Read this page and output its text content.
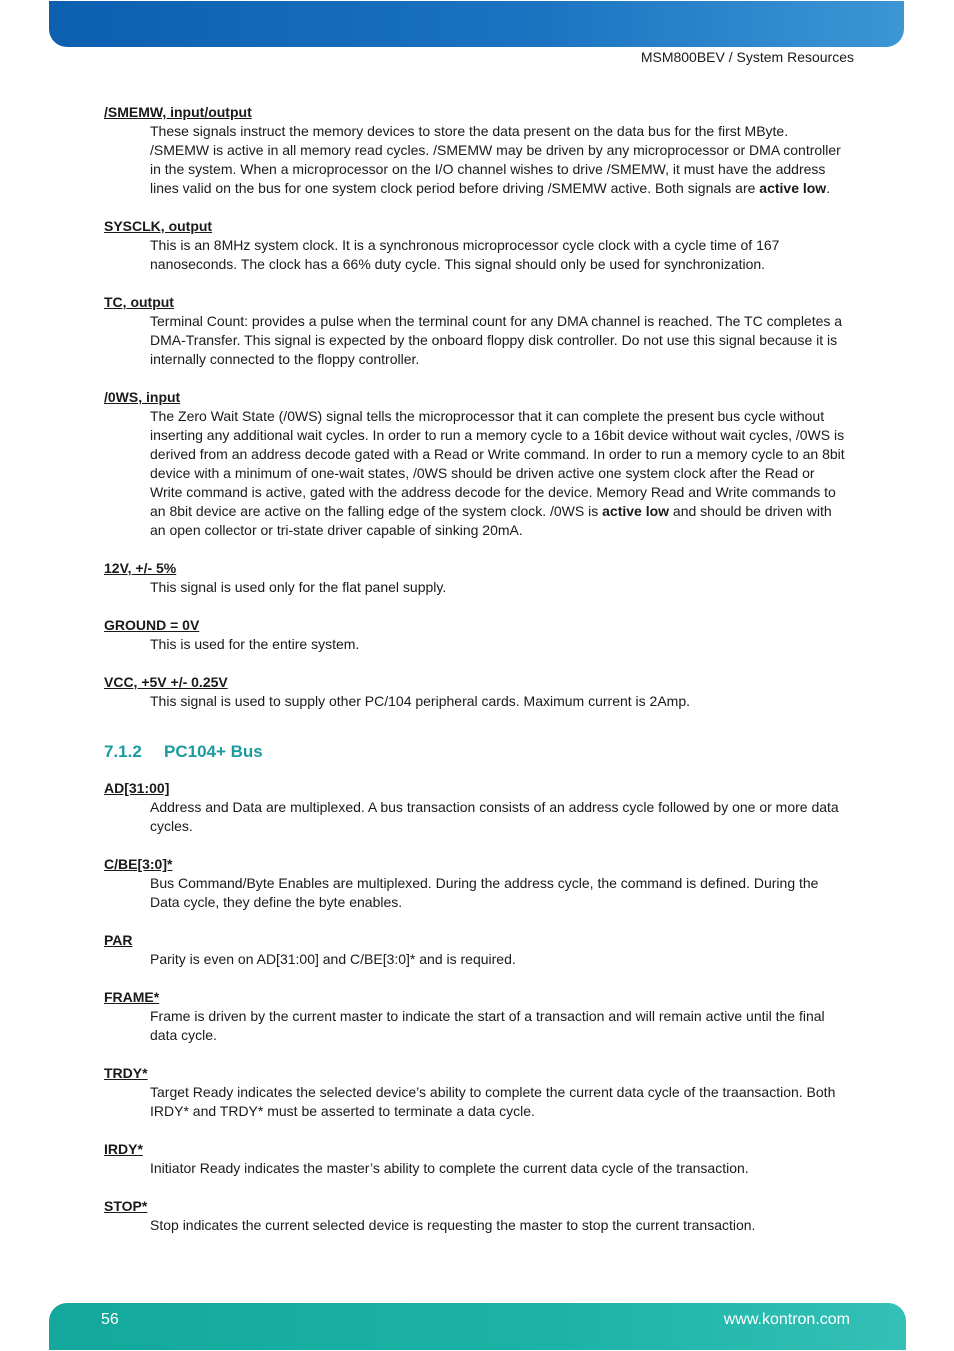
MSM800BEV / System Resources
/SMEMW, input/output
These signals instruct the memory devices to store the data present on the data bus for the first MByte. /SMEMW is active in all memory read cycles. /SMEMW may be driven by any microprocessor or DMA controller in the system. When a microprocessor on the I/O channel wishes to drive /SMEMW, it must have the address lines valid on the bus for one system clock period before driving /SMEMW active. Both signals are active low.
SYSCLK, output
This is an 8MHz system clock. It is a synchronous microprocessor cycle clock with a cycle time of 167 nanoseconds. The clock has a 66% duty cycle. This signal should only be used for synchronization.
TC, output
Terminal Count: provides a pulse when the terminal count for any DMA channel is reached. The TC completes a DMA-Transfer. This signal is expected by the onboard floppy disk controller. Do not use this signal because it is internally connected to the floppy controller.
/0WS, input
The Zero Wait State (/0WS) signal tells the microprocessor that it can complete the present bus cycle without inserting any additional wait cycles. In order to run a memory cycle to a 16bit device without wait cycles, /0WS is derived from an address decode gated with a Read or Write command. In order to run a memory cycle to an 8bit device with a minimum of one-wait states, /0WS should be driven active one system clock after the Read or Write command is active, gated with the address decode for the device. Memory Read and Write commands to an 8bit device are active on the falling edge of the system clock. /0WS is active low and should be driven with an open collector or tri-state driver capable of sinking 20mA.
12V, +/- 5%
This signal is used only for the flat panel supply.
GROUND = 0V
This is used for the entire system.
VCC, +5V +/- 0.25V
This signal is used to supply other PC/104 peripheral cards. Maximum current is 2Amp.
7.1.2 PC104+ Bus
AD[31:00]
Address and Data are multiplexed. A bus transaction consists of an address cycle followed by one or more data cycles.
C/BE[3:0]*
Bus Command/Byte Enables are multiplexed. During the address cycle, the command is defined. During the Data cycle, they define the byte enables.
PAR
Parity is even on AD[31:00] and C/BE[3:0]* and is required.
FRAME*
Frame is driven by the current master to indicate the start of a transaction and will remain active until the final data cycle.
TRDY*
Target Ready indicates the selected device’s ability to complete the current data cycle of the traansaction. Both IRDY* and TRDY* must be asserted to terminate a data cycle.
IRDY*
Initiator Ready indicates the master’s ability to complete the current data cycle of the transaction.
STOP*
Stop indicates the current selected device is requesting the master to stop the current transaction.
56	www.kontron.com
